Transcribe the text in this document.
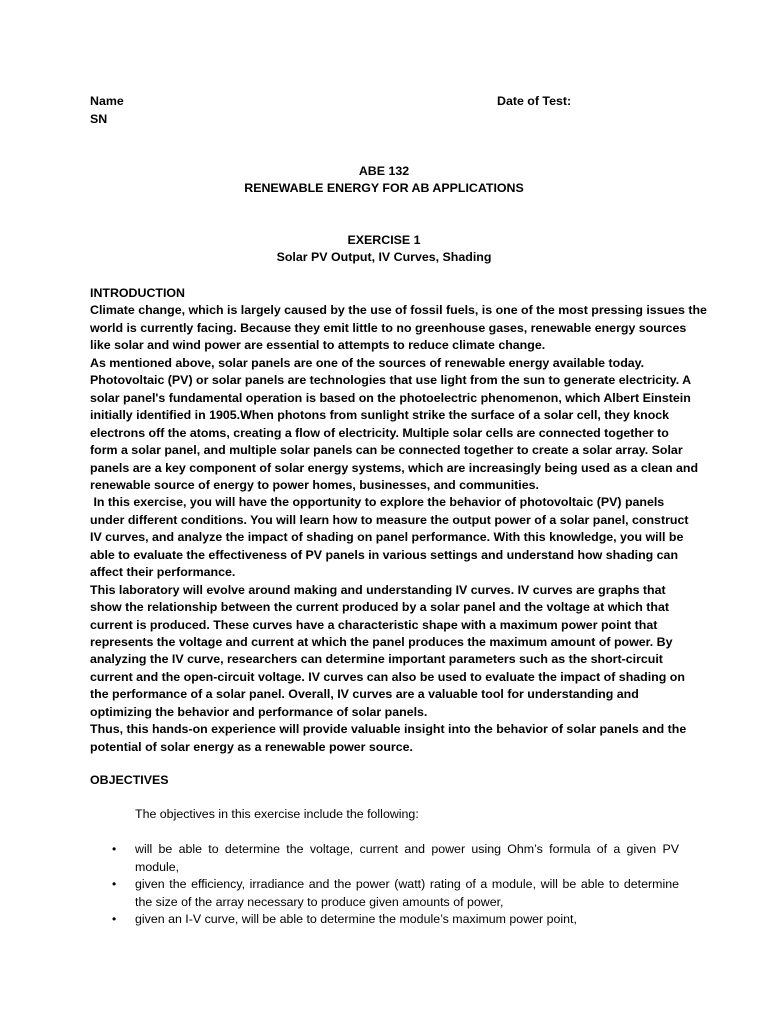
Name
SN
Date of Test:
ABE 132
RENEWABLE ENERGY FOR AB APPLICATIONS
EXERCISE 1
Solar PV Output, IV Curves, Shading
INTRODUCTION
Climate change, which is largely caused by the use of fossil fuels, is one of the most pressing issues the
world is currently facing. Because they emit little to no greenhouse gases, renewable energy sources
like solar and wind power are essential to attempts to reduce climate change.
As mentioned above, solar panels are one of the sources of renewable energy available today.
Photovoltaic (PV) or solar panels are technologies that use light from the sun to generate electricity. A
solar panel's fundamental operation is based on the photoelectric phenomenon, which Albert Einstein
initially identified in 1905.When photons from sunlight strike the surface of a solar cell, they knock
electrons off the atoms, creating a flow of electricity. Multiple solar cells are connected together to
form a solar panel, and multiple solar panels can be connected together to create a solar array. Solar
panels are a key component of solar energy systems, which are increasingly being used as a clean and
renewable source of energy to power homes, businesses, and communities.
In this exercise, you will have the opportunity to explore the behavior of photovoltaic (PV) panels
under different conditions. You will learn how to measure the output power of a solar panel, construct
IV curves, and analyze the impact of shading on panel performance. With this knowledge, you will be
able to evaluate the effectiveness of PV panels in various settings and understand how shading can
affect their performance.
This laboratory will evolve around making and understanding IV curves. IV curves are graphs that
show the relationship between the current produced by a solar panel and the voltage at which that
current is produced. These curves have a characteristic shape with a maximum power point that
represents the voltage and current at which the panel produces the maximum amount of power. By
analyzing the IV curve, researchers can determine important parameters such as the short-circuit
current and the open-circuit voltage. IV curves can also be used to evaluate the impact of shading on
the performance of a solar panel. Overall, IV curves are a valuable tool for understanding and
optimizing the behavior and performance of solar panels.
Thus, this hands-on experience will provide valuable insight into the behavior of solar panels and the
potential of solar energy as a renewable power source.
OBJECTIVES
The objectives in this exercise include the following:
• will be able to determine the voltage, current and power using Ohm’s formula of a given PV module,
• given the efficiency, irradiance and the power (watt) rating of a module, will be able to determine the size of the array necessary to produce given amounts of power,
• given an I-V curve, will be able to determine the module’s maximum power point,
